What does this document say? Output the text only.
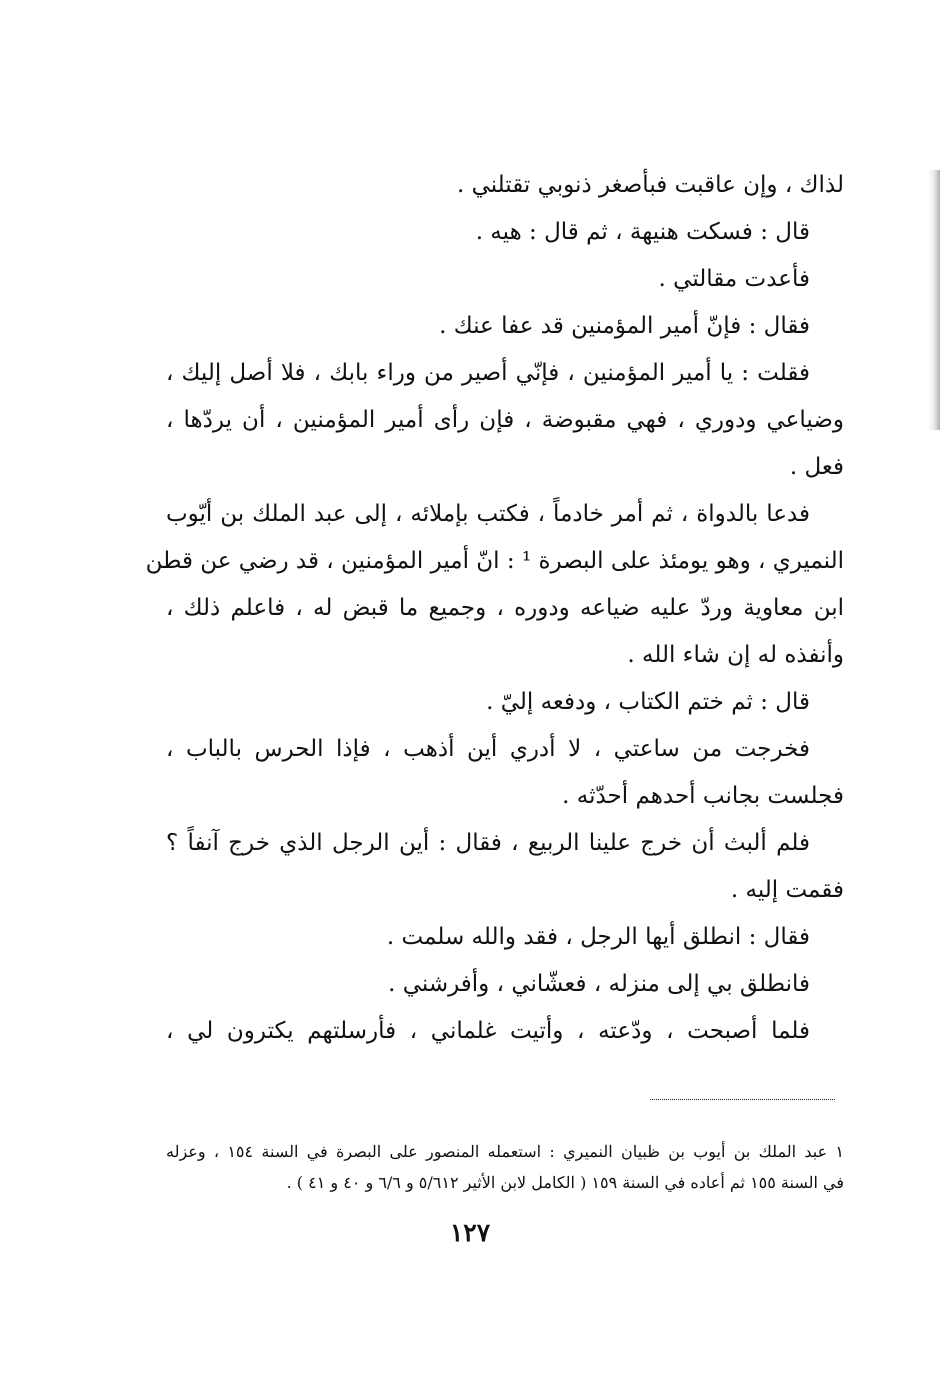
لذاك ، وإن عاقبت فبأصغر ذنوبي تقتلني .
قال : فسكت هنيهة ، ثم قال : هيه .
فأعدت مقالتي .
فقال : فإنّ أمير المؤمنين قد عفا عنك .
فقلت : يا أمير المؤمنين ، فإنّي أصير من وراء بابك ، فلا أصل إليك ،
وضياعي ودوري ، فهي مقبوضة ، فإن رأى أمير المؤمنين ، أن يردّها ،
فعل .
فدعا بالدواة ، ثم أمر خادماً ، فكتب بإملائه ، إلى عبد الملك بن أيّوب
النميري ، وهو يومئذ على البصرة ¹ : انّ أمير المؤمنين ، قد رضي عن قطن
ابن معاوية وردّ عليه ضياعه ودوره ، وجميع ما قبض له ، فاعلم ذلك ،
وأنفذه له إن شاء الله .
قال : ثم ختم الكتاب ، ودفعه إليّ .
فخرجت من ساعتي ، لا أدري أين أذهب ، فإذا الحرس بالباب ،
فجلست بجانب أحدهم أحدّثه .
فلم ألبث أن خرج علينا الربيع ، فقال : أين الرجل الذي خرج آنفاً ؟
فقمت إليه .
فقال : انطلق أيها الرجل ، فقد والله سلمت .
فانطلق بي إلى منزله ، فعشّاني ، وأفرشني .
فلما أصبحت ، ودّعته ، وأتيت غلماني ، فأرسلتهم يكترون لي ،
١ عبد الملك بن أيوب بن ظبيان النميري : استعمله المنصور على البصرة في السنة ١٥٤ ، وعزله
في السنة ١٥٥ ثم أعاده في السنة ١٥٩ ( الكامل لابن الأثير ٥/٦١٢ و ٦/٦ و ٤٠ و ٤١ ) .
١٢٧
